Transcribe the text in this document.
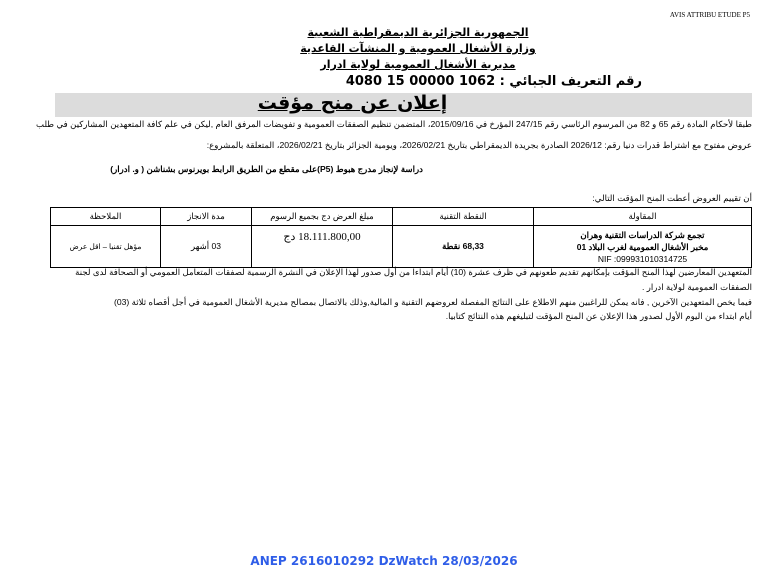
AVIS ATTRIBU ETUDE P5
الجمهورية الجزائرية الديمقراطية الشعبية
وزارة الأشغال العمومية و المنشآت القاعدية
مديرية الأشغال العمومية لولاية ادرار
رقم التعريف الجبائي : 1062 00000 15 4080
إعلان عن منح مؤقت
طبقا لأحكام المادة رقم 65 و 82 من المرسوم الرئاسي رقم 247/15 المؤرخ في 2015/09/16، المتضمن تنظيم الصفقات العمومية و تفويضات المرفق العام ,ليكن في علم كافة المتعهدين المشاركين في طلب
عروض مفتوح مع اشتراط قدرات دنيا رقم: 2026/12 الصادرة بجريدة الديمقراطي بتاريخ 2026/02/21، ويومية الجزائر بتاريخ 2026/02/21، المتعلقة بالمشروع:
دراسة لإنجاز مدرج هبوط (P5)على مقطع من الطريق الرابط بويرنوس بشناشن ( و. ادرار)
أن تقييم العروض أعطت المنح المؤقت التالي:
المقاولة	النقطة التقنية	مبلغ العرض دج بجميع الرسوم	مدة الانجاز	الملاحظة

تجمع شركة الدراسات التقنية وهران
مخبر الأشغال العمومية لغرب البلاد 01
NIF :099931010314725	68,33 نقطة	18.111.800,00 دج	03 أشهر	مؤهل تقنيا – اقل عرض
المتعهدين المعارضين لهذا المنح المؤقت بإمكانهم تقديم طعونهم في ظرف عشرة (10) أيام ابتداءا من أول صدور لهذا الإعلان في النشرة الرسمية لصفقات المتعامل العمومي أو الصحافة لدى لجنة
الصفقات العمومية لولاية ادرار .
فيما يخص المتعهدين الآخرين , فانه يمكن للراغبين منهم الاطلاع على النتائج المفصلة لعروضهم التقنية و المالية,وذلك بالاتصال بمصالح مديرية الأشغال العمومية في أجل أقصاه ثلاثة (03)
أيام ابتداء من اليوم الأول لصدور هذا الإعلان عن المنح المؤقت لتبليغهم هذه النتائج كتابيا.
ANEP 2616010292 DzWatch 28/03/2026
